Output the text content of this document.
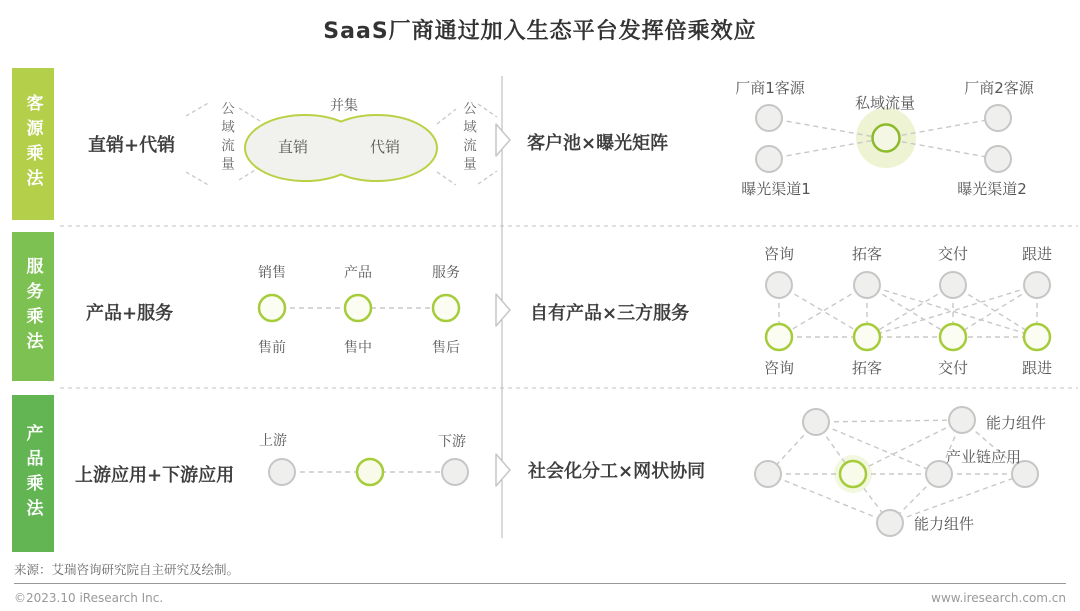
SaaS厂商通过加入生态平台发挥倍乘效应
客源乘法
服务乘法
产品乘法
直销+代销	客户池×曝光矩阵
产品+服务	自有产品×三方服务
上游应用+下游应用	社会化分工×网状协同
并集
直销	代销
公域流量	公域流量
厂商1客源
私域流量
厂商2客源
曝光渠道1	曝光渠道2
销售	产品	服务
售前	售中	售后
咨询	拓客	交付	跟进
咨询	拓客	交付	跟进
上游	下游
能力组件
产业链应用
能力组件
来源：艾瑞咨询研究院自主研究及绘制。
©2023.10 iResearch Inc.	www.iresearch.com.cn
